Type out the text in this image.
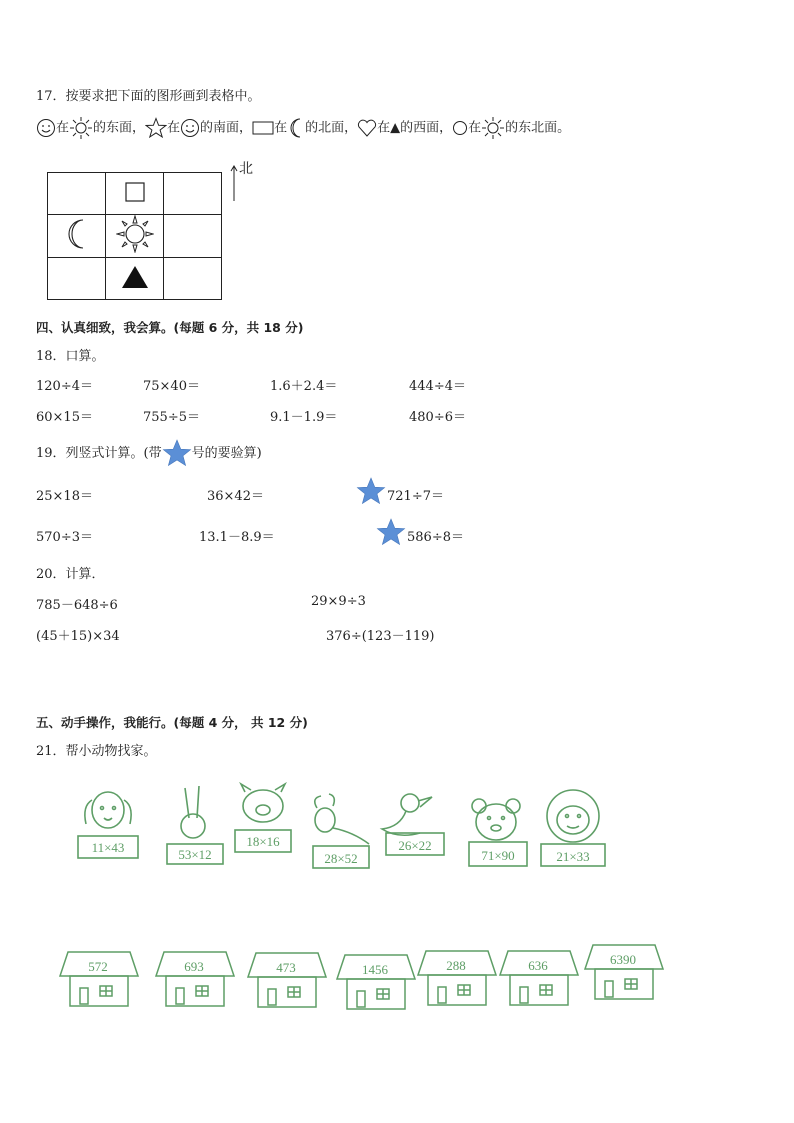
17．按要求把下面的图形画到表格中。
在 的东面， 在 的南面， 在 的北面， 在▲的西面， 在 的东北面。

北
四、认真细致，我会算。(每题 6 分，共 18 分)
18．口算。
120÷4＝	75×40＝	1.6＋2.4＝	444÷4＝
60×15＝	755÷5＝	9.1－1.9＝	480÷6＝
19．列竖式计算。(带 号的要验算)
25×18＝	36×42＝	721÷7＝
570÷3＝	13.1－8.9＝	586÷8＝
20．计算．
785－648÷6	29×9÷3
(45＋15)×34	376÷(123－119)
五、动手操作，我能行。(每题 4 分， 共 12 分)
21．帮小动物找家。
11×43	53×12
18×16
28×52
26×22
71×90	21×33
572	693	473	1456	288	636	6390
